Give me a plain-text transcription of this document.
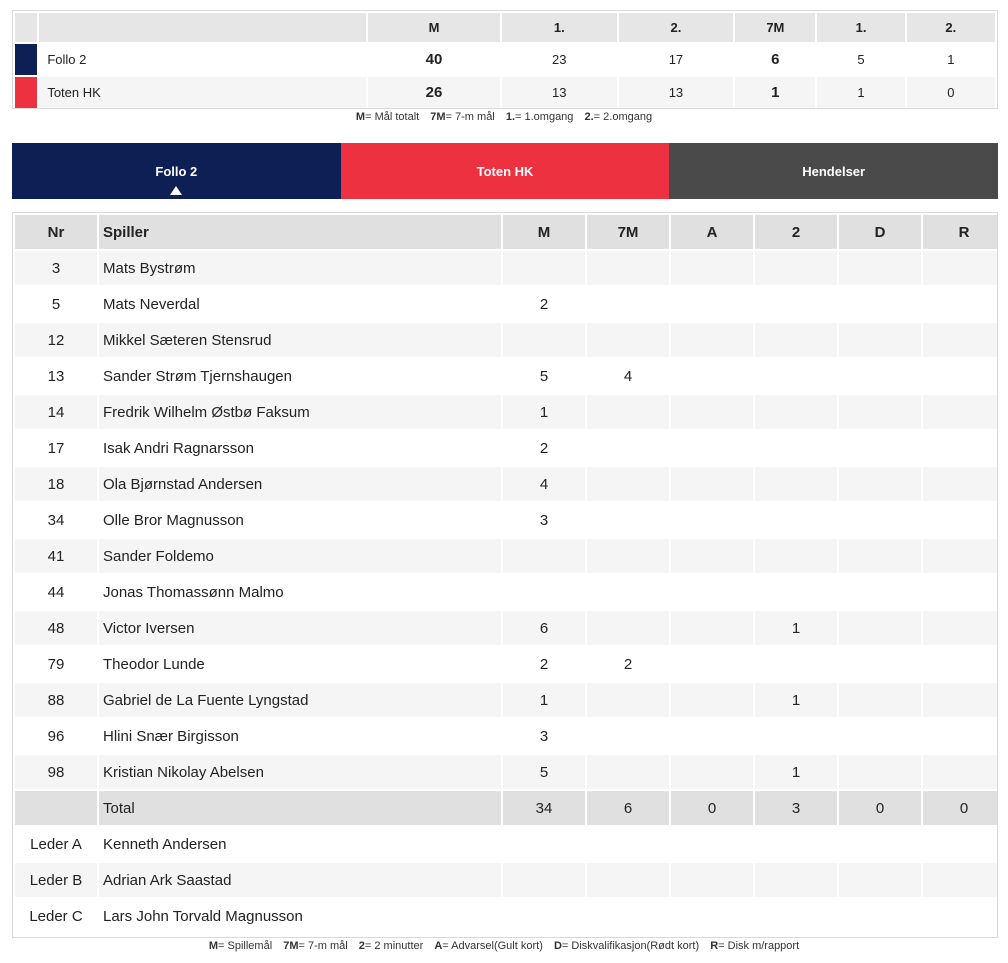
		M	1.	2.	7M	1.	2.

	Follo 2	40	23	17	6	5	1

	Toten HK	26	13	13	1	1	0
M= Mål totalt 7M= 7-m mål 1.= 1.omgang 2.= 2.omgang
Follo 2	Toten HK	Hendelser
Nr	Spiller	M	7M	A	2	D	R
3	Mats Bystrøm						
5	Mats Neverdal	2					
12	Mikkel Sæteren Stensrud						
13	Sander Strøm Tjernshaugen	5	4				
14	Fredrik Wilhelm Østbø Faksum	1					
17	Isak Andri Ragnarsson	2					
18	Ola Bjørnstad Andersen	4					
34	Olle Bror Magnusson	3					
41	Sander Foldemo						
44	Jonas Thomassønn Malmo						
48	Victor Iversen	6			1		
79	Theodor Lunde	2	2				
88	Gabriel de La Fuente Lyngstad	1			1		
96	Hlini Snær Birgisson	3					
98	Kristian Nikolay Abelsen	5			1		
	Total	34	6	0	3	0	0
Leder A	Kenneth Andersen						
Leder B	Adrian Ark Saastad						
Leder C	Lars John Torvald Magnusson						
M= Spillemål 7M= 7-m mål 2= 2 minutter A= Advarsel(Gult kort) D= Diskvalifikasjon(Rødt kort) R= Disk m/rapport
